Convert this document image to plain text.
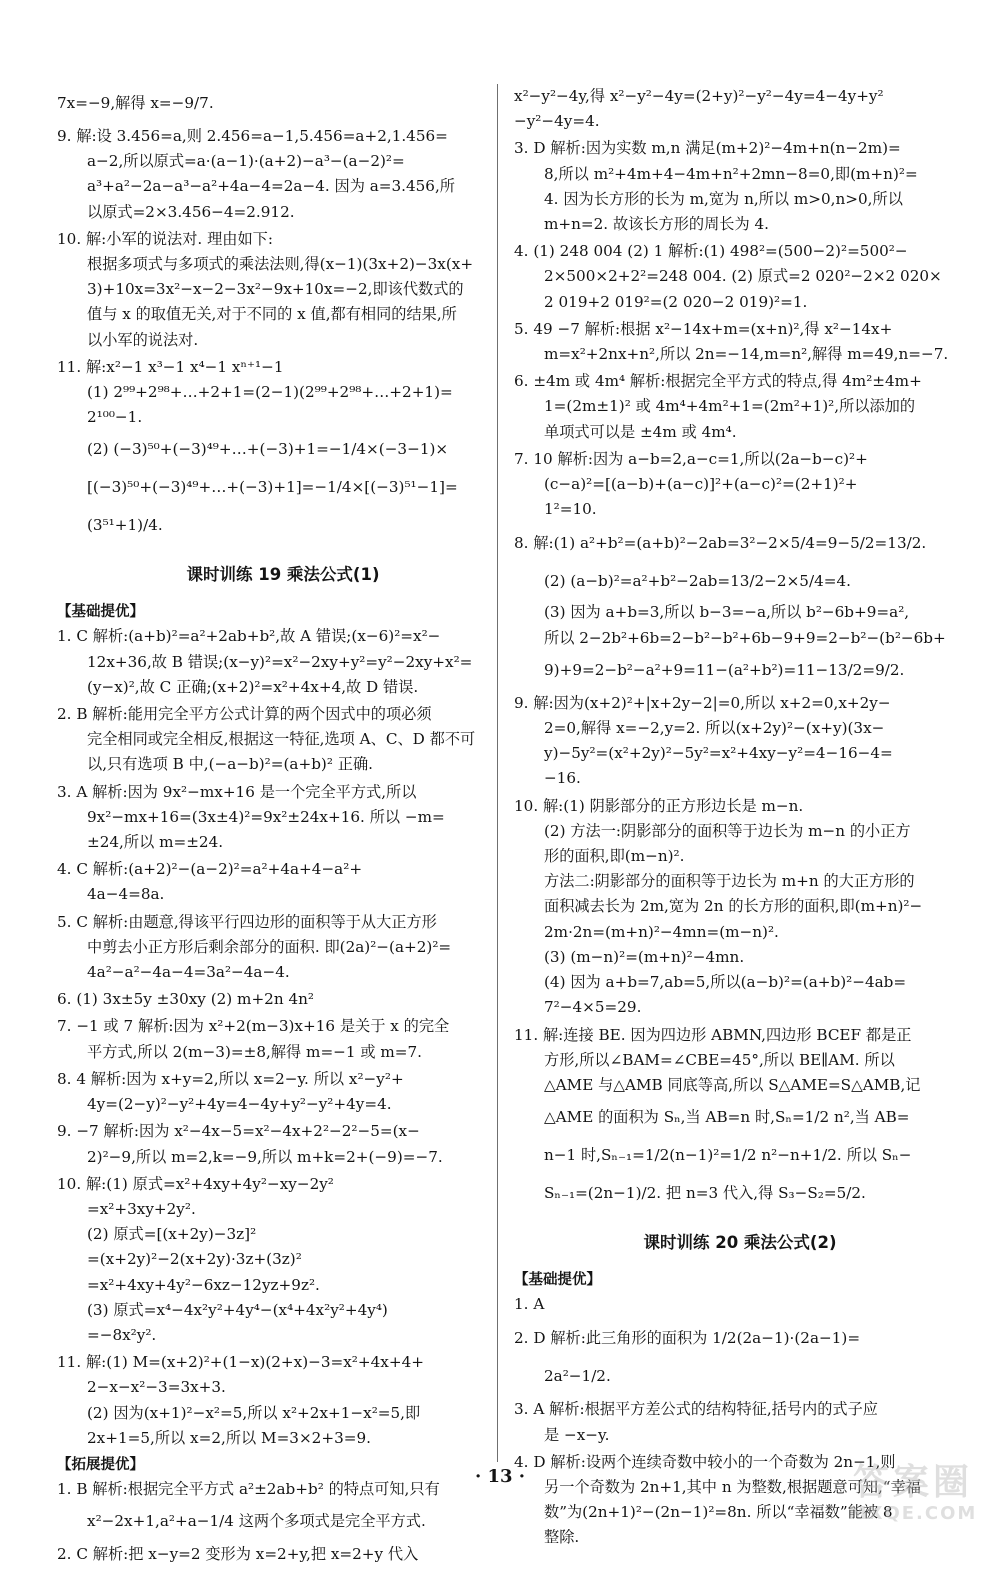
7x=−9,解得 x=−9/7.
9. 解:设 3.456=a,则 2.456=a−1,5.456=a+2,1.456=
a−2,所以原式=a·(a−1)·(a+2)−a³−(a−2)²=
a³+a²−2a−a³−a²+4a−4=2a−4. 因为 a=3.456,所
以原式=2×3.456−4=2.912.
10. 解:小军的说法对. 理由如下:
根据多项式与多项式的乘法法则,得(x−1)(3x+2)−3x(x+
3)+10x=3x²−x−2−3x²−9x+10x=−2,即该代数式的
值与 x 的取值无关,对于不同的 x 值,都有相同的结果,所
以小军的说法对.
11. 解:x²−1 x³−1 x⁴−1 xⁿ⁺¹−1
(1) 2⁹⁹+2⁹⁸+…+2+1=(2−1)(2⁹⁹+2⁹⁸+…+2+1)=
2¹⁰⁰−1.
(2) (−3)⁵⁰+(−3)⁴⁹+…+(−3)+1=−1/4×(−3−1)×
[(−3)⁵⁰+(−3)⁴⁹+…+(−3)+1]=−1/4×[(−3)⁵¹−1]=
(3⁵¹+1)/4.
课时训练 19 乘法公式(1)
【基础提优】
1. C 解析:(a+b)²=a²+2ab+b²,故 A 错误;(x−6)²=x²−
12x+36,故 B 错误;(x−y)²=x²−2xy+y²=y²−2xy+x²=
(y−x)²,故 C 正确;(x+2)²=x²+4x+4,故 D 错误.
2. B 解析:能用完全平方公式计算的两个因式中的项必须
完全相同或完全相反,根据这一特征,选项 A、C、D 都不可
以,只有选项 B 中,(−a−b)²=(a+b)² 正确.
3. A 解析:因为 9x²−mx+16 是一个完全平方式,所以
9x²−mx+16=(3x±4)²=9x²±24x+16. 所以 −m=
±24,所以 m=±24.
4. C 解析:(a+2)²−(a−2)²=a²+4a+4−a²+
4a−4=8a.
5. C 解析:由题意,得该平行四边形的面积等于从大正方形
中剪去小正方形后剩余部分的面积. 即(2a)²−(a+2)²=
4a²−a²−4a−4=3a²−4a−4.
6. (1) 3x±5y ±30xy (2) m+2n 4n²
7. −1 或 7 解析:因为 x²+2(m−3)x+16 是关于 x 的完全
平方式,所以 2(m−3)=±8,解得 m=−1 或 m=7.
8. 4 解析:因为 x+y=2,所以 x=2−y. 所以 x²−y²+
4y=(2−y)²−y²+4y=4−4y+y²−y²+4y=4.
9. −7 解析:因为 x²−4x−5=x²−4x+2²−2²−5=(x−
2)²−9,所以 m=2,k=−9,所以 m+k=2+(−9)=−7.
10. 解:(1) 原式=x²+4xy+4y²−xy−2y²
=x²+3xy+2y².
(2) 原式=[(x+2y)−3z]²
=(x+2y)²−2(x+2y)·3z+(3z)²
=x²+4xy+4y²−6xz−12yz+9z².
(3) 原式=x⁴−4x²y²+4y⁴−(x⁴+4x²y²+4y⁴)
=−8x²y².
11. 解:(1) M=(x+2)²+(1−x)(2+x)−3=x²+4x+4+
2−x−x²−3=3x+3.
(2) 因为(x+1)²−x²=5,所以 x²+2x+1−x²=5,即
2x+1=5,所以 x=2,所以 M=3×2+3=9.
【拓展提优】
1. B 解析:根据完全平方式 a²±2ab+b² 的特点可知,只有
x²−2x+1,a²+a−1/4 这两个多项式是完全平方式.
2. C 解析:把 x−y=2 变形为 x=2+y,把 x=2+y 代入
x²−y²−4y,得 x²−y²−4y=(2+y)²−y²−4y=4−4y+y²
−y²−4y=4.
3. D 解析:因为实数 m,n 满足(m+2)²−4m+n(n−2m)=
8,所以 m²+4m+4−4m+n²+2mn−8=0,即(m+n)²=
4. 因为长方形的长为 m,宽为 n,所以 m>0,n>0,所以
m+n=2. 故该长方形的周长为 4.
4. (1) 248 004 (2) 1 解析:(1) 498²=(500−2)²=500²−
2×500×2+2²=248 004. (2) 原式=2 020²−2×2 020×
2 019+2 019²=(2 020−2 019)²=1.
5. 49 −7 解析:根据 x²−14x+m=(x+n)²,得 x²−14x+
m=x²+2nx+n²,所以 2n=−14,m=n²,解得 m=49,n=−7.
6. ±4m 或 4m⁴ 解析:根据完全平方式的特点,得 4m²±4m+
1=(2m±1)² 或 4m⁴+4m²+1=(2m²+1)²,所以添加的
单项式可以是 ±4m 或 4m⁴.
7. 10 解析:因为 a−b=2,a−c=1,所以(2a−b−c)²+
(c−a)²=[(a−b)+(a−c)]²+(a−c)²=(2+1)²+
1²=10.
8. 解:(1) a²+b²=(a+b)²−2ab=3²−2×5/4=9−5/2=13/2.
(2) (a−b)²=a²+b²−2ab=13/2−2×5/4=4.
(3) 因为 a+b=3,所以 b−3=−a,所以 b²−6b+9=a²,
所以 2−2b²+6b=2−b²−b²+6b−9+9=2−b²−(b²−6b+
9)+9=2−b²−a²+9=11−(a²+b²)=11−13/2=9/2.
9. 解:因为(x+2)²+|x+2y−2|=0,所以 x+2=0,x+2y−
2=0,解得 x=−2,y=2. 所以(x+2y)²−(x+y)(3x−
y)−5y²=(x²+2y)²−5y²=x²+4xy−y²=4−16−4=
−16.
10. 解:(1) 阴影部分的正方形边长是 m−n.
(2) 方法一:阴影部分的面积等于边长为 m−n 的小正方
形的面积,即(m−n)².
方法二:阴影部分的面积等于边长为 m+n 的大正方形的
面积减去长为 2m,宽为 2n 的长方形的面积,即(m+n)²−
2m·2n=(m+n)²−4mn=(m−n)².
(3) (m−n)²=(m+n)²−4mn.
(4) 因为 a+b=7,ab=5,所以(a−b)²=(a+b)²−4ab=
7²−4×5=29.
11. 解:连接 BE. 因为四边形 ABMN,四边形 BCEF 都是正
方形,所以∠BAM=∠CBE=45°,所以 BE∥AM. 所以
△AME 与△AMB 同底等高,所以 S△AME=S△AMB,记
△AME 的面积为 Sₙ,当 AB=n 时,Sₙ=1/2 n²,当 AB=
n−1 时,Sₙ₋₁=1/2(n−1)²=1/2 n²−n+1/2. 所以 Sₙ−
Sₙ₋₁=(2n−1)/2. 把 n=3 代入,得 S₃−S₂=5/2.
课时训练 20 乘法公式(2)
【基础提优】
1. A
2. D 解析:此三角形的面积为 1/2(2a−1)·(2a−1)=
2a²−1/2.
3. A 解析:根据平方差公式的结构特征,括号内的式子应
是 −x−y.
4. D 解析:设两个连续奇数中较小的一个奇数为 2n−1,则
另一个奇数为 2n+1,其中 n 为整数,根据题意可知,“幸福
数”为(2n+1)²−(2n−1)²=8n. 所以“幸福数”能被 8
整除.
· 13 ·	答案圈
MXQE.COM
